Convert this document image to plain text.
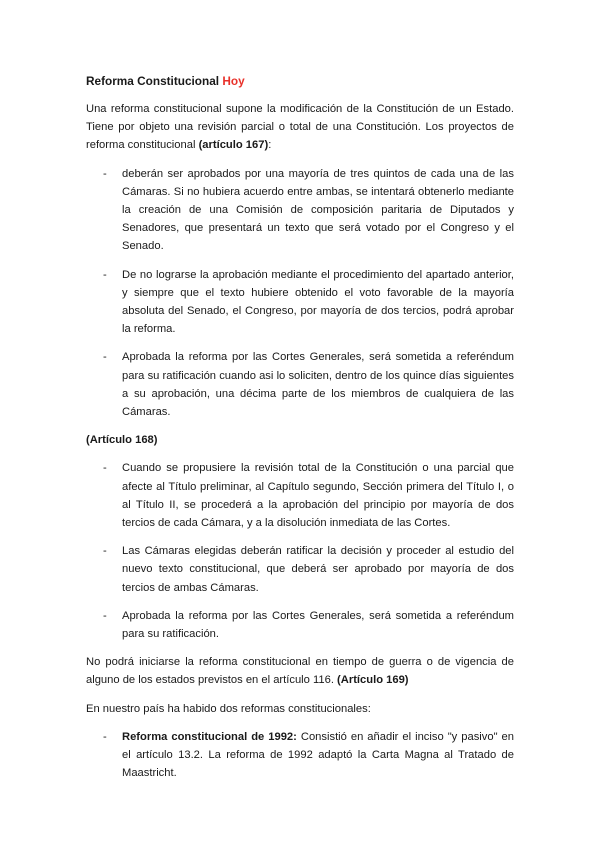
Reforma Constitucional Hoy

Una reforma constitucional supone la modificación de la Constitución de un Estado. Tiene por objeto una revisión parcial o total de una Constitución. Los proyectos de reforma constitucional (artículo 167):

- deberán ser aprobados por una mayoría de tres quintos de cada una de las Cámaras. Si no hubiera acuerdo entre ambas, se intentará obtenerlo mediante la creación de una Comisión de composición paritaria de Diputados y Senadores, que presentará un texto que será votado por el Congreso y el Senado.
- De no lograrse la aprobación mediante el procedimiento del apartado anterior, y siempre que el texto hubiere obtenido el voto favorable de la mayoría absoluta del Senado, el Congreso, por mayoría de dos tercios, podrá aprobar la reforma.
- Aprobada la reforma por las Cortes Generales, será sometida a referéndum para su ratificación cuando asi lo soliciten, dentro de los quince días siguientes a su aprobación, una décima parte de los miembros de cualquiera de las Cámaras.
(Artículo 168)
- Cuando se propusiere la revisión total de la Constitución o una parcial que afecte al Título preliminar, al Capítulo segundo, Sección primera del Título I, o al Título II, se procederá a la aprobación del principio por mayoría de dos tercios de cada Cámara, y a la disolución inmediata de las Cortes.
- Las Cámaras elegidas deberán ratificar la decisión y proceder al estudio del nuevo texto constitucional, que deberá ser aprobado por mayoría de dos tercios de ambas Cámaras.
- Aprobada la reforma por las Cortes Generales, será sometida a referéndum para su ratificación.

No podrá iniciarse la reforma constitucional en tiempo de guerra o de vigencia de alguno de los estados previstos en el artículo 116. (Artículo 169)

En nuestro país ha habido dos reformas constitucionales:

- Reforma constitucional de 1992: Consistió en añadir el inciso "y pasivo" en el artículo 13.2. La reforma de 1992 adaptó la Carta Magna al Tratado de Maastricht.
